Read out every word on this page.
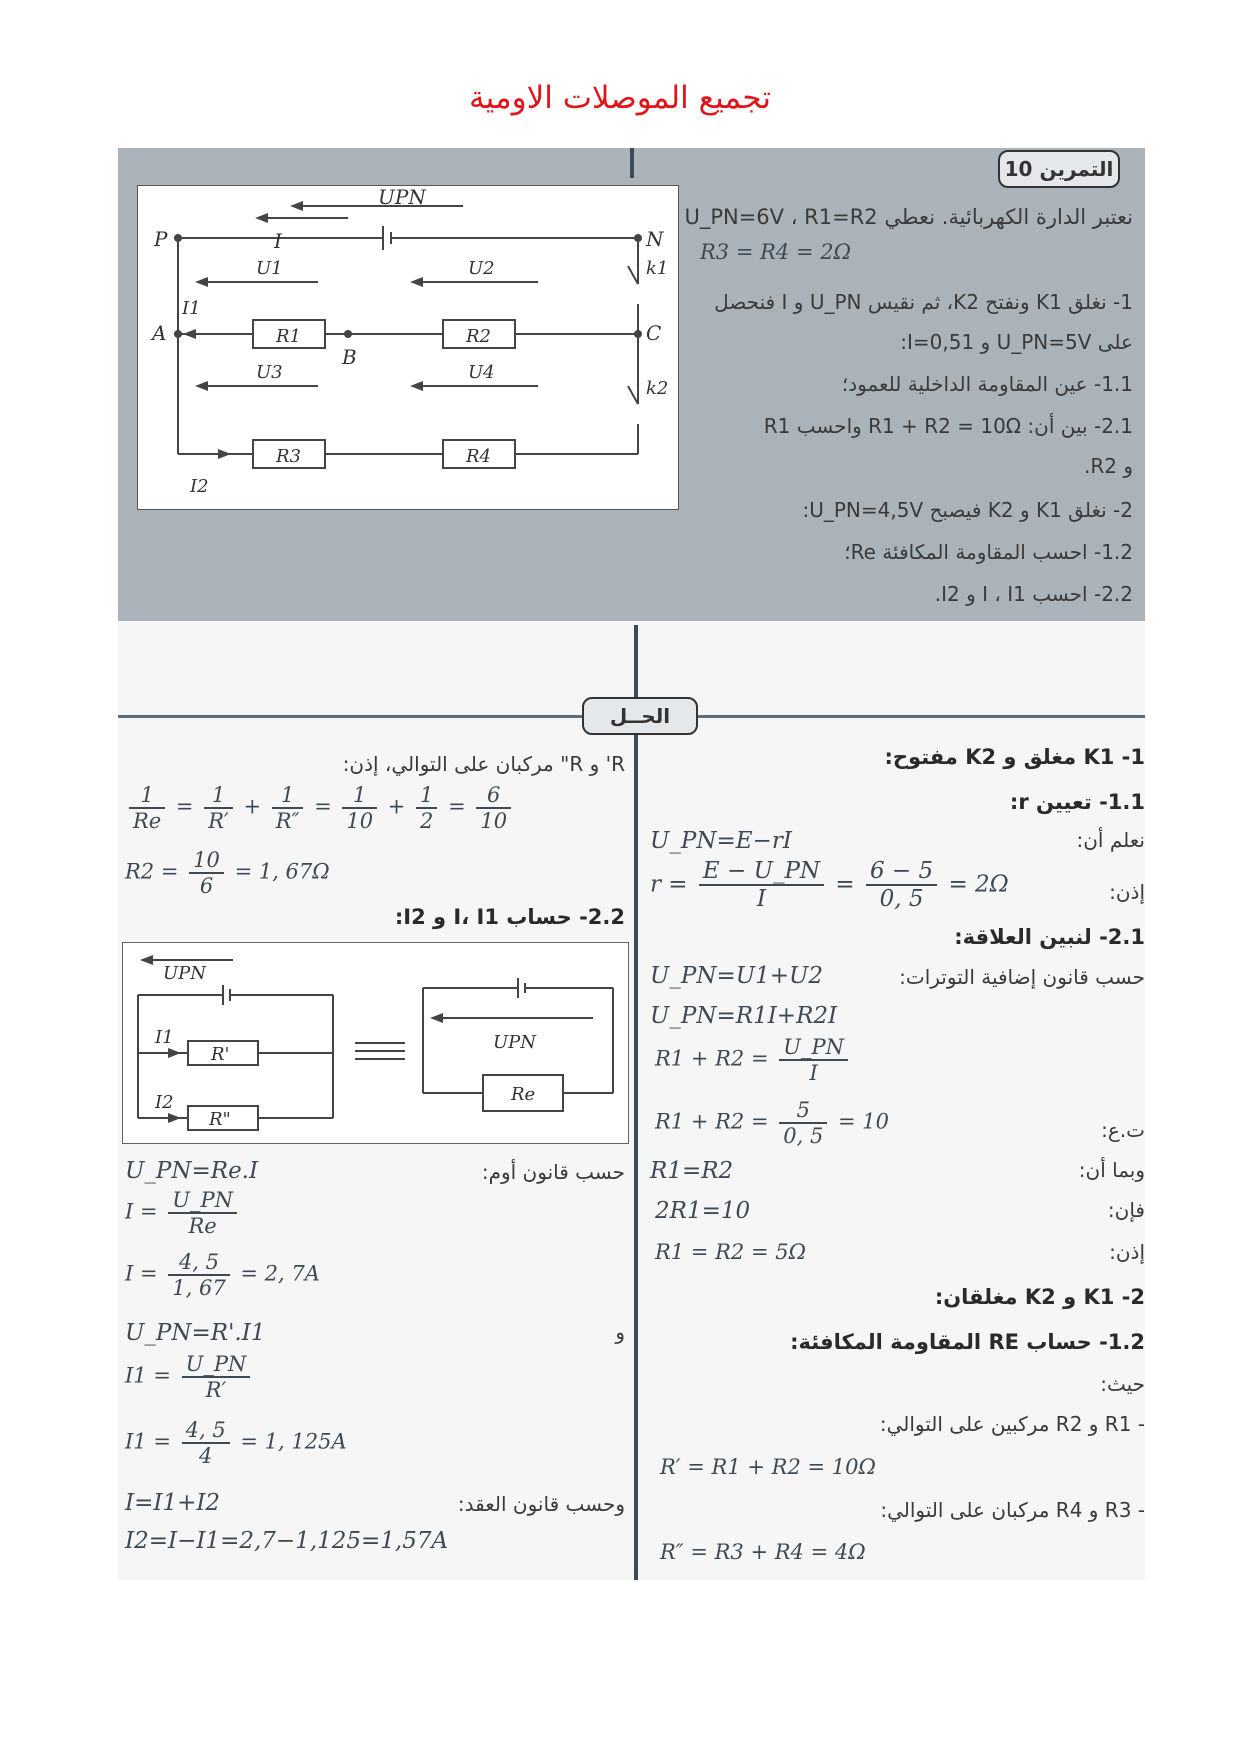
تجميع الموصلات الاومية
التمرين 10
UPN
P	N
I
k1
k2
A
B
C
I1
I2
U1	U2
U3	U4
R1	R2
R3	R4
نعتبر الدارة الكهربائية. نعطي U_PN=6V ، R1=R2
R3 = R4 = 2Ω
1- نغلق K1 ونفتح K2، ثم نقيس U_PN و I فنحصل
على U_PN=5V و I=0,51:
1.1- عين المقاومة الداخلية للعمود؛
2.1- بين أن: R1 + R2 = 10Ω واحسب R1
و R2.
2- نغلق K1 و K2 فيصبح U_PN=4,5V:
1.2- احسب المقاومة المكافئة Re؛
2.2- احسب I ، I1 و I2.
الحــل
1- K1 مغلق و K2 مفتوح:
1.1- تعيين r:
نعلم أن:
U_PN=E−rI
إذن:
$r = \frac{E - U\_PN}{I} = \frac{6 - 5}{0, 5} = 2\Omega$
2.1- لنبين العلاقة:
حسب قانون إضافية التوترات:
U_PN=U1+U2
U_PN=R1I+R2I
$R1 + R2 = \frac{U\_PN}{I}$
ت.ع:
$R1 + R2 = \frac{5}{0, 5} = 10$
وبما أن:
R1=R2
فإن:
2R1=10
إذن:
R1 = R2 = 5Ω
2- K1 و K2 مغلقان:
1.2- حساب RE المقاومة المكافئة:
حيث:
- R1 و R2 مركبين على التوالي:
R′ = R1 + R2 = 10Ω
- R3 و R4 مركبان على التوالي:
R″ = R3 + R4 = 4Ω
R' و R" مركبان على التوالي، إذن:
$\frac{1}{Re} = \frac{1}{R'} + \frac{1}{R''} = \frac{1}{10} + \frac{1}{2} = \frac{6}{10}$
$R2 = \frac{10}{6} = 1$, 67Ω
2.2- حساب I، I1 و I2:
UPN
I1
I2
R'
R"
UPN
Re
حسب قانون أوم:
U_PN=Re.I
$I = \frac{U\_PN}{Re}$
$I = \frac{4, 5}{1, 67} = 2$, 7A
و
U_PN=R'.I1
$I1 = \frac{U\_PN}{R'}$
$I1 = \frac{4, 5}{4} = 1$, 125A
وحسب قانون العقد:
I=I1+I2
I2=I−I1=2,7−1,125=1,57A
